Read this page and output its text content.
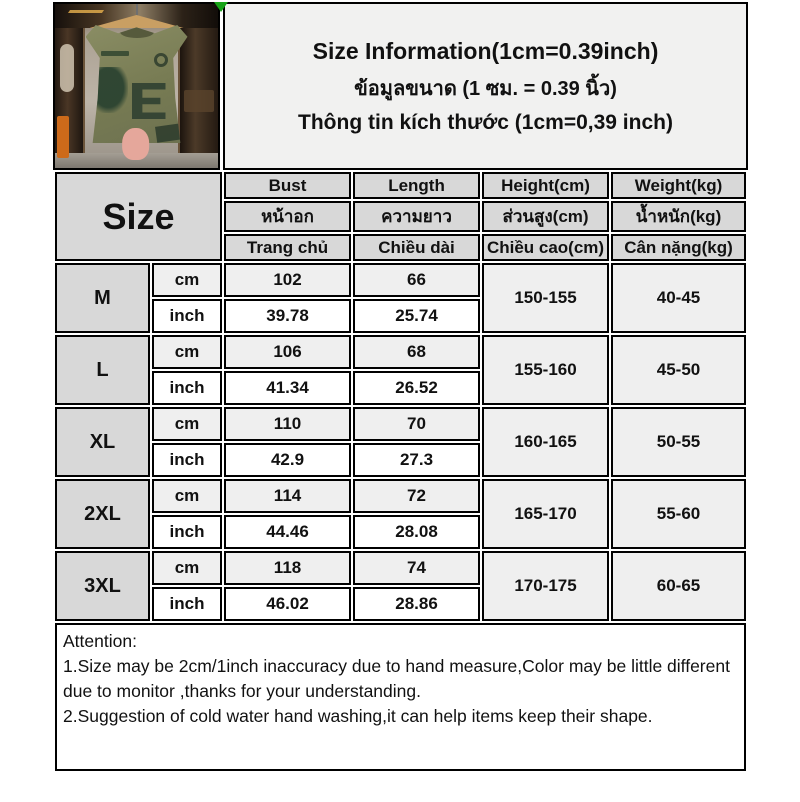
Size Information(1cm=0.39inch)
ข้อมูลขนาด (1 ซม. = 0.39 นิ้ว)
Thông tin kích thước (1cm=0,39 inch)
Size		Bust	Length	Height(cm)	Weight(kg)
		หน้าอก	ความยาว	ส่วนสูง(cm)	น้ำหนัก(kg)
		Trang chủ	Chiều dài	Chiều cao(cm)	Cân nặng(kg)
M	cm	102	66	150-155	40-45
	inch	39.78	25.74		
L	cm	106	68	155-160	45-50
	inch	41.34	26.52		
XL	cm	110	70	160-165	50-55
	inch	42.9	27.3		
2XL	cm	114	72	165-170	55-60
	inch	44.46	28.08		
3XL	cm	118	74	170-175	60-65
	inch	46.02	28.86		

Attention:
1.Size may be 2cm/1inch inaccuracy due to hand measure,Color may be little different due to monitor ,thanks for your understanding.
2.Suggestion of cold water hand washing,it can help items keep their shape.					
